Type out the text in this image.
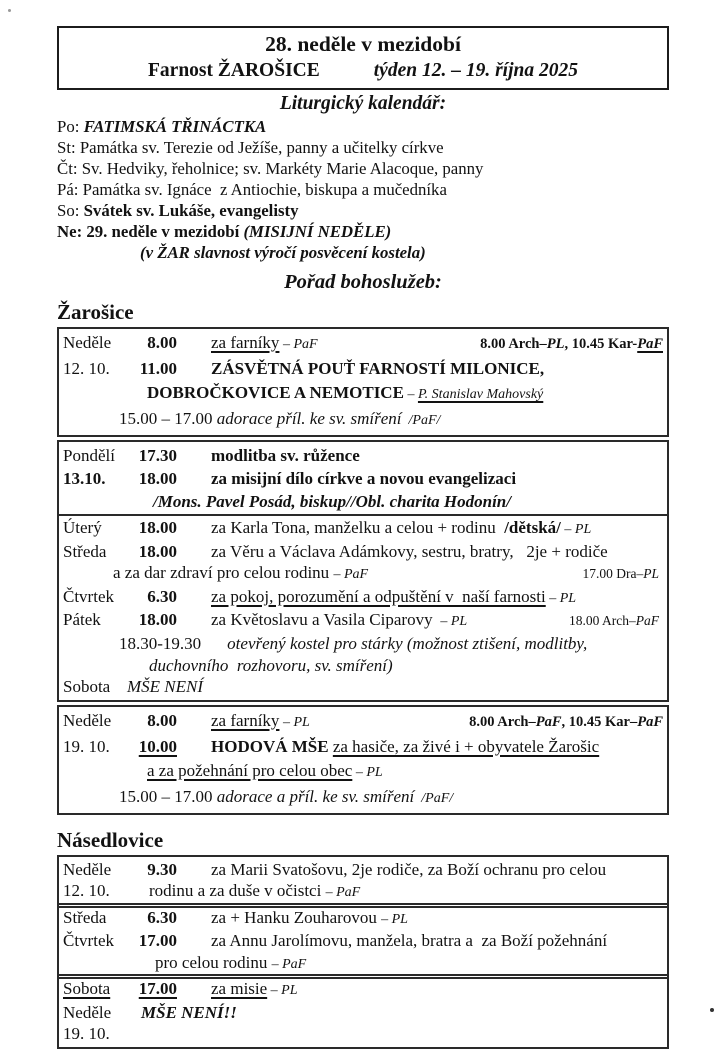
28. neděle v mezidobí
Farnost ŽAROŠICE	týden 12. – 19. října 2025
Liturgický kalendář:
Po: FATIMSKÁ TŘINÁCTKA
St: Památka sv. Terezie od Ježíše, panny a učitelky církve
Čt: Sv. Hedviky, řeholnice; sv. Markéty Marie Alacoque, panny
Pá: Památka sv. Ignáce  z Antiochie, biskupa a mučedníka
So: Svátek sv. Lukáše, evangelisty
Ne: 29. neděle v mezidobí (MISIJNÍ NEDĚLE)
(v ŽAR slavnost výročí posvěcení kostela)
Pořad bohoslužeb:
Žarošice
Neděle	8.00	za farníky – PaF	8.00 Arch–PL, 10.45 Kar-PaF
12. 10.	11.00	ZÁSVĚTNÁ POUŤ FARNOSTÍ MILONICE,
DOBROČKOVICE A NEMOTICE – P. Stanislav Mahovský
15.00 – 17.00 adorace příl. ke sv. smíření /PaF/
Pondělí	17.30	modlitba sv. růžence
13.10.	18.00	za misijní dílo církve a novou evangelizaci
/Mons. Pavel Posád, biskup//Obl. charita Hodonín/
Úterý	18.00	za Karla Tona, manželku a celou + rodinu /dětská/ – PL
Středa	18.00	za Věru a Václava Adámkovy, sestru, bratry,   2je + rodiče
a za dar zdraví pro celou rodinu – PaF	17.00 Dra–PL
Čtvrtek	6.30	za pokoj, porozumění a odpuštění v  naší farnosti – PL
Pátek	18.00	za Květoslavu a Vasila Ciparovy – PL	18.00 Arch–PaF
18.30-19.30	otevřený kostel pro stárky (možnost ztišení, modlitby,
duchovního  rozhovoru, sv. smíření)
Sobota MŠE NENÍ
Neděle	8.00	za farníky – PL	8.00 Arch–PaF, 10.45 Kar–PaF
19. 10.	10.00	HODOVÁ MŠE za hasiče, za živé i + obyvatele Žarošic
a za požehnání pro celou obec – PL
15.00 – 17.00 adorace a příl. ke sv. smíření /PaF/
Násedlovice
Neděle	9.30	za Marii Svatošovu, 2je rodiče, za Boží ochranu pro celou
12. 10.	rodinu a za duše v očistci – PaF
Středa	6.30	za + Hanku Zouharovou – PL
Čtvrtek	17.00	za Annu Jarolímovu, manžela, bratra a  za Boží požehnání
pro celou rodinu – PaF
Sobota	17.00	za misie – PL
Neděle	MŠE NENÍ!!
19. 10.
